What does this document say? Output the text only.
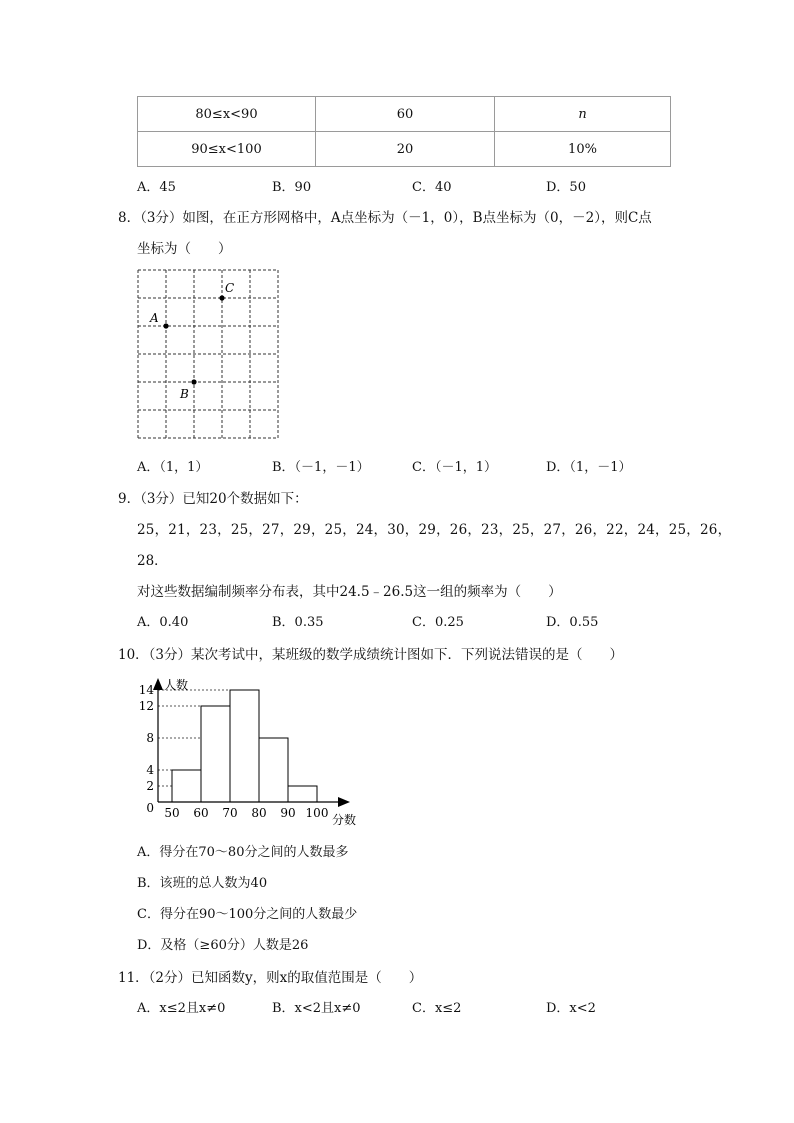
80≤x<90	60	n
90≤x<100	20	10%
A．45	B．90	C．40	D．50
8．（3分）如图，在正方形网格中，A点坐标为（－1，0），B点坐标为（0，－2），则C点
坐标为（　　）
A
B
C
A．（1，1）	B．（－1，－1）	C．（－1，1）	D．（1，－1）
9．（3分）已知20个数据如下：
25，21，23，25，27，29，25，24，30，29，26，23，25，27，26，22，24，25，26，
28．
对这些数据编制频率分布表，其中24.5﹣26.5这一组的频率为（　　）
A．0.40	B．0.35	C．0.25	D．0.55
10．（3分）某次考试中，某班级的数学成绩统计图如下．下列说法错误的是（　　）
0
2
4
8
12
14
50 60 70 80 90 100
人数
分数
A．得分在70～80分之间的人数最多
B．该班的总人数为40
C．得分在90～100分之间的人数最少
D．及格（≥60分）人数是26
11．（2分）已知函数y，则x的取值范围是（　　）
A．x≤2且x≠0	B．x<2且x≠0	C．x≤2	D．x<2
